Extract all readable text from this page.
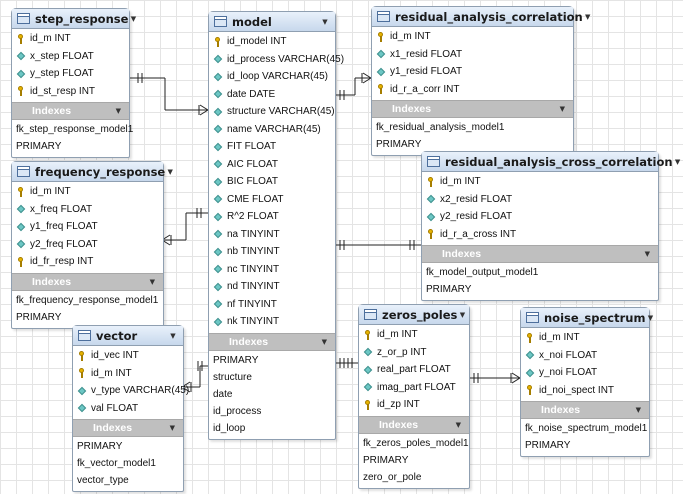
step_response ▼
id_m INT
x_step FLOAT
y_step FLOAT
id_st_resp INT
Indexes	▼
fk_step_response_model1
PRIMARY
model	▼
id_model INT
id_process VARCHAR(45)
id_loop VARCHAR(45)
date DATE
structure VARCHAR(45)
name VARCHAR(45)
FIT FLOAT
AIC FLOAT
BIC FLOAT
CME FLOAT
R^2 FLOAT
na TINYINT
nb TINYINT
nc TINYINT
nd TINYINT
nf TINYINT
nk TINYINT
Indexes	▼
PRIMARY
structure
date
id_process
id_loop
residual_analysis_correlation ▼
id_m INT
x1_resid FLOAT
y1_resid FLOAT
id_r_a_corr INT
Indexes	▼
fk_residual_analysis_model1
PRIMARY
frequency_response ▼
id_m INT
x_freq FLOAT
y1_freq FLOAT
y2_freq FLOAT
id_fr_resp INT
Indexes	▼
fk_frequency_response_model1
PRIMARY
residual_analysis_cross_correlation ▼
id_m INT
x2_resid FLOAT
y2_resid FLOAT
id_r_a_cross INT
Indexes	▼
fk_model_output_model1
PRIMARY
vector	▼
id_vec INT
id_m INT
v_type VARCHAR(45)
val FLOAT
Indexes	▼
PRIMARY
fk_vector_model1
vector_type
zeros_poles ▼
id_m INT
z_or_p INT
real_part FLOAT
imag_part FLOAT
id_zp INT
Indexes	▼
fk_zeros_poles_model1
PRIMARY
zero_or_pole
noise_spectrum ▼
id_m INT
x_noi FLOAT
y_noi FLOAT
id_noi_spect INT
Indexes	▼
fk_noise_spectrum_model1
PRIMARY
